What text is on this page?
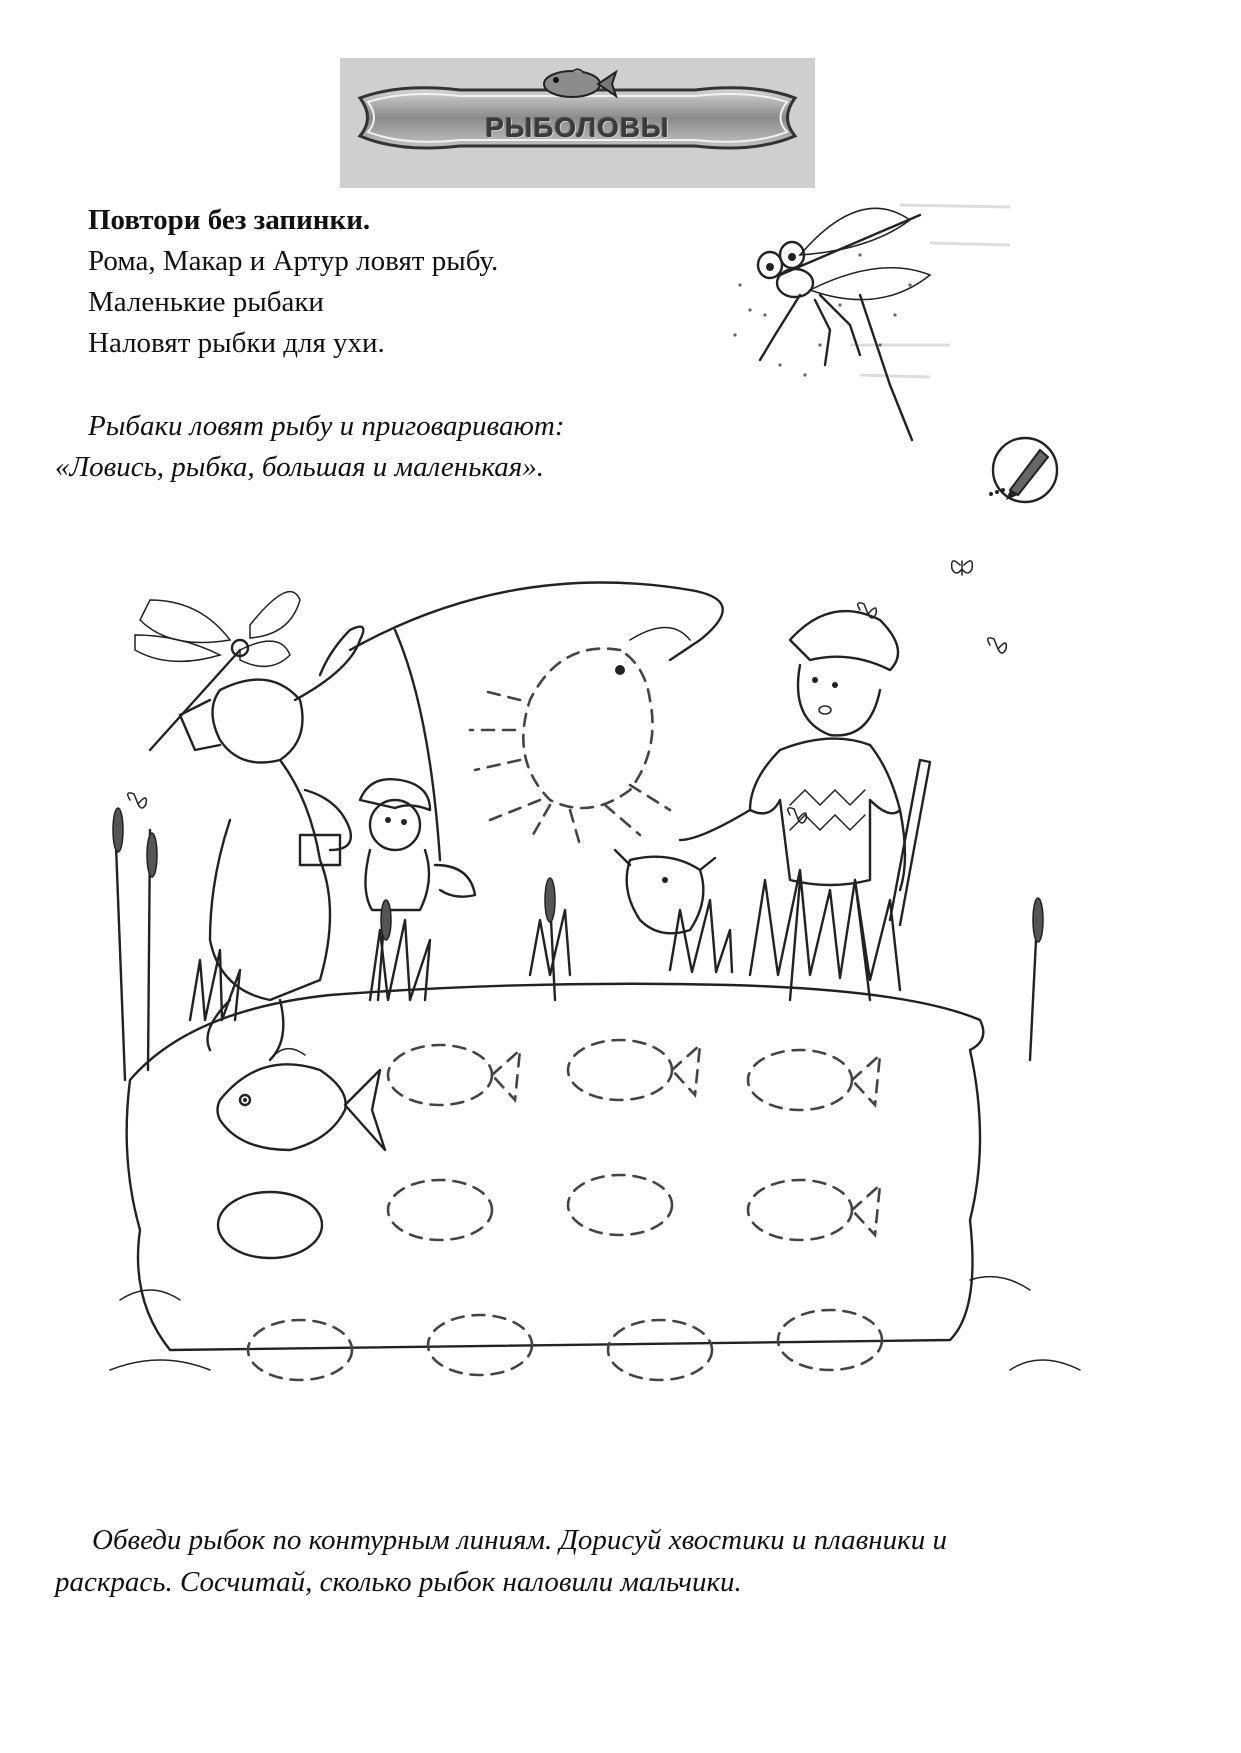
РЫБОЛОВЫ
Повтори без запинки.
Рома, Макар и Артур ловят рыбу.
Маленькие рыбаки
Наловят рыбки для ухи.
Рыбаки ловят рыбу и приговаривают:
«Ловись, рыбка, большая и маленькая».
Обведи рыбок по контурным линиям. Дорисуй хвостики и плавники и
раскрась. Сосчитай, сколько рыбок наловили мальчики.
